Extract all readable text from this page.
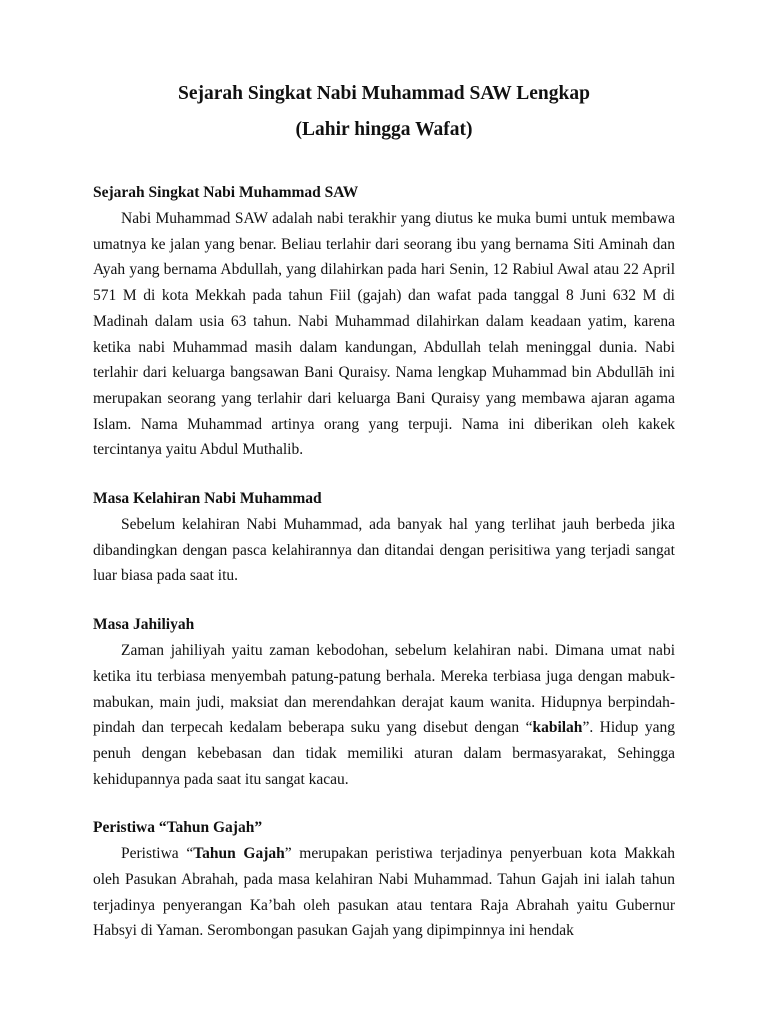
Sejarah Singkat Nabi Muhammad SAW Lengkap
(Lahir hingga Wafat)
Sejarah Singkat Nabi Muhammad SAW

Nabi Muhammad SAW adalah nabi terakhir yang diutus ke muka bumi untuk membawa umatnya ke jalan yang benar. Beliau terlahir dari seorang ibu yang bernama Siti Aminah dan Ayah yang bernama Abdullah, yang dilahirkan pada hari Senin, 12 Rabiul Awal atau 22 April 571 M di kota Mekkah pada tahun Fiil (gajah) dan wafat pada tanggal 8 Juni 632 M di Madinah dalam usia 63 tahun. Nabi Muhammad dilahirkan dalam keadaan yatim, karena ketika nabi Muhammad masih dalam kandungan, Abdullah telah meninggal dunia. Nabi terlahir dari keluarga bangsawan Bani Quraisy. Nama lengkap Muhammad bin Abdullāh ini merupakan seorang yang terlahir dari keluarga Bani Quraisy yang membawa ajaran agama Islam. Nama Muhammad artinya orang yang terpuji. Nama ini diberikan oleh kakek tercintanya yaitu Abdul Muthalib.

Masa Kelahiran Nabi Muhammad

Sebelum kelahiran Nabi Muhammad, ada banyak hal yang terlihat jauh berbeda jika dibandingkan dengan pasca kelahirannya dan ditandai dengan perisitiwa yang terjadi sangat luar biasa pada saat itu.

Masa Jahiliyah

Zaman jahiliyah yaitu zaman kebodohan, sebelum kelahiran nabi. Dimana umat nabi ketika itu terbiasa menyembah patung-patung berhala. Mereka terbiasa juga dengan mabuk-mabukan, main judi, maksiat dan merendahkan derajat kaum wanita. Hidupnya berpindah-pindah dan terpecah kedalam beberapa suku yang disebut dengan “kabilah”. Hidup yang penuh dengan kebebasan dan tidak memiliki aturan dalam bermasyarakat, Sehingga kehidupannya pada saat itu sangat kacau.

Peristiwa “Tahun Gajah”

Peristiwa “Tahun Gajah” merupakan peristiwa terjadinya penyerbuan kota Makkah oleh Pasukan Abrahah, pada masa kelahiran Nabi Muhammad. Tahun Gajah ini ialah tahun terjadinya penyerangan Ka’bah oleh pasukan atau tentara Raja Abrahah yaitu Gubernur Habsyi di Yaman. Serombongan pasukan Gajah yang dipimpinnya ini hendak
